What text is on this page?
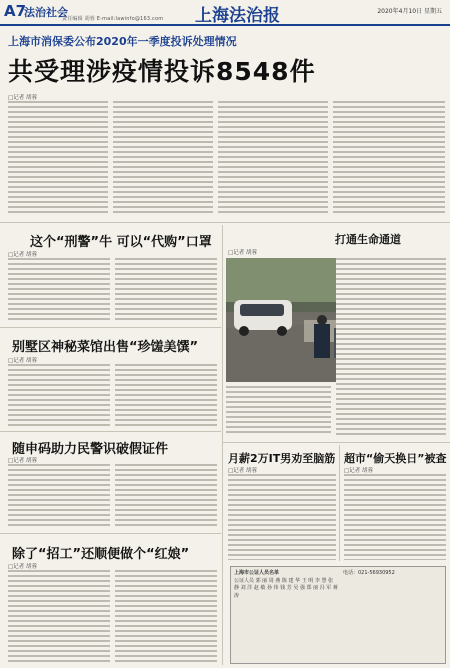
A7
法治社会
责任编辑 胡蓉 E-mail:lawinfo@163.com 上海法治报	2020年4月10日 星期五
上海市消保委公布2020年一季度投诉处理情况
共受理涉疫情投诉8548件
□记者 胡蓉
这个“刑警”牛 可以“代购”口罩
□记者 胡蓉
别墅区神秘菜馆出售“珍馐美馔”
□记者 胡蓉
随申码助力民警识破假证件
□记者 胡蓉
除了“招工”还顺便做个“红娘”
□记者 胡蓉
打通生命通道
□记者 胡蓉
月薪2万IT男劝至脑筋
□记者 胡蓉
超市“偷天换日”被查
□记者 胡蓉
上海市公证人员名单
公证人员 郭 丽 周 燕 陈 建 华 王 明 李 慧 张 静 刘 洋 赵 敏 孙 伟 钱 芳 吴 强 郑 丽 冯 军 蒋 涛
电话：021-56930952
